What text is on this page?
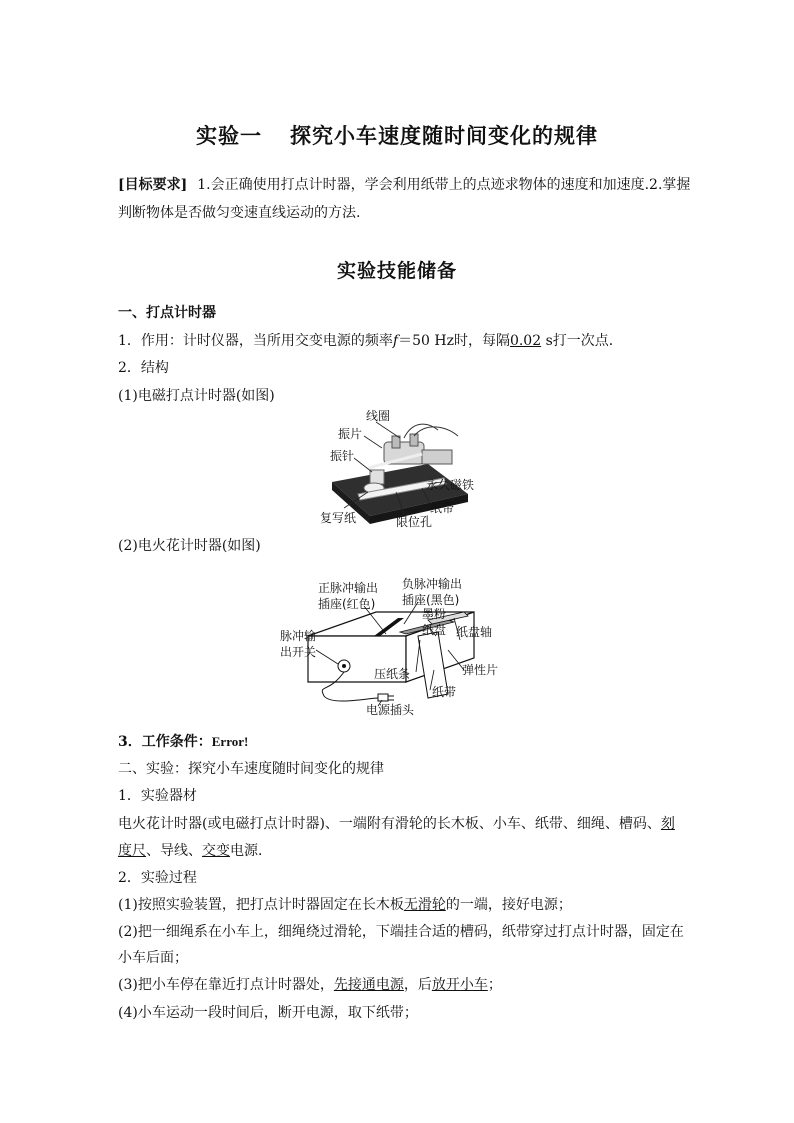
实验一 探究小车速度随时间变化的规律
[目标要求] 1.会正确使用打点计时器，学会利用纸带上的点迹求物体的速度和加速度.2.掌握判断物体是否做匀变速直线运动的方法.
实验技能储备
一、打点计时器
1．作用：计时仪器，当所用交变电源的频率f＝50 Hz时，每隔0.02 s打一次点．
2．结构
(1)电磁打点计时器(如图)
线圈
振片
振针
永久磁铁
纸带
复写纸	限位孔
(2)电火花计时器(如图)
正脉冲输出
插座(红色)
负脉冲输出
插座(黑色)
墨粉
纸盘 纸盘轴
脉冲输
出开关
弹性片
压纸条
纸带
电源插头
3．工作条件：Error!
二、实验：探究小车速度随时间变化的规律
1．实验器材
电火花计时器(或电磁打点计时器)、一端附有滑轮的长木板、小车、纸带、细绳、槽码、刻
度尺、导线、交变电源．
2．实验过程
(1)按照实验装置，把打点计时器固定在长木板无滑轮的一端，接好电源；
(2)把一细绳系在小车上，细绳绕过滑轮，下端挂合适的槽码，纸带穿过打点计时器，固定在
小车后面；
(3)把小车停在靠近打点计时器处，先接通电源，后放开小车；
(4)小车运动一段时间后，断开电源，取下纸带；
